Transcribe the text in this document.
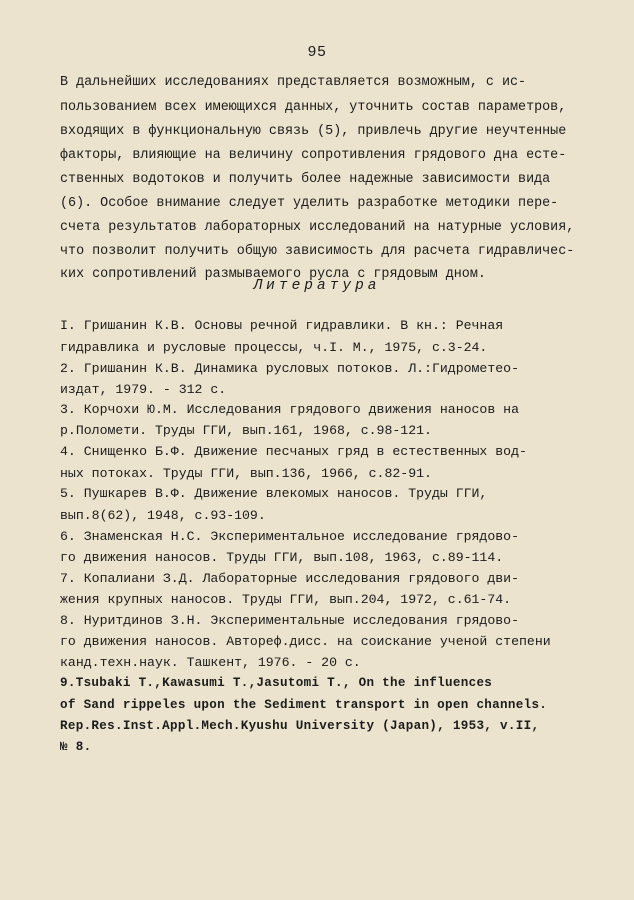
95
В дальнейших исследованиях представляется возможным, с ис-
пользованием всех имеющихся данных, уточнить состав параметров,
входящих в функциональную связь (5), привлечь другие неучтенные
факторы, влияющие на величину сопротивления грядового дна есте-
ственных водотоков и получить более надежные зависимости вида
(6). Особое внимание следует уделить разработке методики пере-
счета результатов лабораторных исследований на натурные условия,
что позволит получить общую зависимость для расчета гидравличес-
ких сопротивлений размываемого русла с грядовым дном.
Литература
I. Гришанин К.В. Основы речной гидравлики. В кн.: Речная
гидравлика и русловые процессы, ч.I. М., 1975, с.3-24.
2. Гришанин К.В. Динамика русловых потоков. Л.:Гидрометео-
издат, 1979. - 312 с.
3. Корчохи Ю.М. Исследования грядового движения наносов на
р.Поломети. Труды ГГИ, вып.161, 1968, с.98-121.
4. Снищенко Б.Ф. Движение песчаных гряд в естественных вод-
ных потоках. Труды ГГИ, вып.136, 1966, с.82-91.
5. Пушкарев В.Ф. Движение влекомых наносов. Труды ГГИ,
вып.8(62), 1948, с.93-109.
6. Знаменская Н.С. Экспериментальное исследование грядово-
го движения наносов. Труды ГГИ, вып.108, 1963, с.89-114.
7. Копалиани З.Д. Лабораторные исследования грядового дви-
жения крупных наносов. Труды ГГИ, вып.204, 1972, с.61-74.
8. Нуритдинов З.Н. Экспериментальные исследования грядово-
го движения наносов. Автореф.дисс. на соискание ученой степени
канд.техн.наук. Ташкент, 1976. - 20 с.
9.Tsubaki T.,Kawasumi T.,Jasutomi T., On the influences
of Sand rippeles upon the Sediment transport in open channels.
Rep.Res.Inst.Appl.Mech.Kyushu University (Japan), 1953, v.II,
№ 8.
